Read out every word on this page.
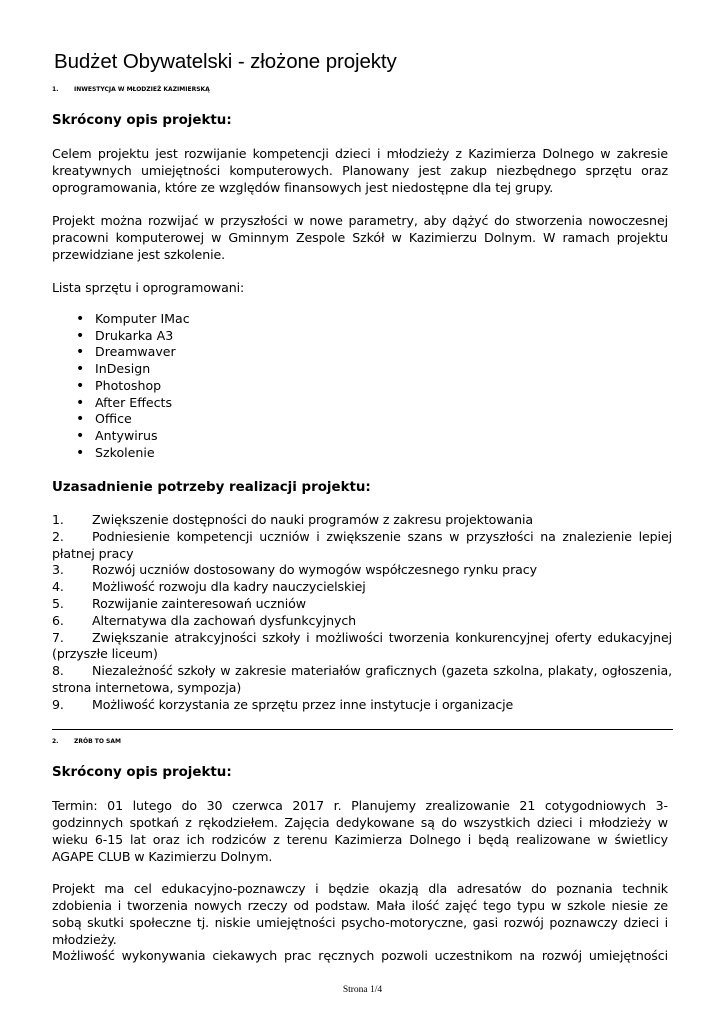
Budżet Obywatelski - złożone projekty
1.	INWESTYCJA W MŁODZIEŻ KAZIMIERSKĄ
Skrócony opis projektu:
Celem projektu jest rozwijanie kompetencji dzieci i młodzieży z Kazimierza Dolnego w zakresie kreatywnych umiejętności komputerowych. Planowany jest zakup niezbędnego sprzętu oraz oprogramowania, które ze względów finansowych jest niedostępne dla tej grupy.
Projekt można rozwijać w przyszłości w nowe parametry, aby dążyć do stworzenia nowoczesnej pracowni komputerowej w Gminnym Zespole Szkół w Kazimierzu Dolnym. W ramach projektu przewidziane jest szkolenie.
Lista sprzętu i oprogramowani:
• Komputer IMac
• Drukarka A3
• Dreamwaver
• InDesign
• Photoshop
• After Effects
• Office
• Antywirus
• Szkolenie
Uzasadnienie potrzeby realizacji projektu:
1. Zwiększenie dostępności do nauki programów z zakresu projektowania
2. Podniesienie kompetencji uczniów i zwiększenie szans w przyszłości na znalezienie lepiej płatnej pracy
3. Rozwój uczniów dostosowany do wymogów współczesnego rynku pracy
4. Możliwość rozwoju dla kadry nauczycielskiej
5. Rozwijanie zainteresowań uczniów
6. Alternatywa dla zachowań dysfunkcyjnych
7. Zwiększanie atrakcyjności szkoły i możliwości tworzenia konkurencyjnej oferty edukacyjnej (przyszłe liceum)
8. Niezależność szkoły w zakresie materiałów graficznych (gazeta szkolna, plakaty, ogłoszenia, strona internetowa, sympozja)
9. Możliwość korzystania ze sprzętu przez inne instytucje i organizacje
2.	ZRÓB TO SAM
Skrócony opis projektu:
Termin: 01 lutego do 30 czerwca 2017 r. Planujemy zrealizowanie 21 cotygodniowych 3-godzinnych spotkań z rękodziełem. Zajęcia dedykowane są do wszystkich dzieci i młodzieży w wieku 6-15 lat oraz ich rodziców z terenu Kazimierza Dolnego i będą realizowane w świetlicy AGAPE CLUB w Kazimierzu Dolnym.
Projekt ma cel edukacyjno-poznawczy i będzie okazją dla adresatów do poznania technik zdobienia i tworzenia nowych rzeczy od podstaw. Mała ilość zajęć tego typu w szkole niesie ze sobą skutki społeczne tj. niskie umiejętności psycho-motoryczne, gasi rozwój poznawczy dzieci i młodzieży.
Możliwość wykonywania ciekawych prac ręcznych pozwoli uczestnikom na rozwój umiejętności
Strona 1/4
